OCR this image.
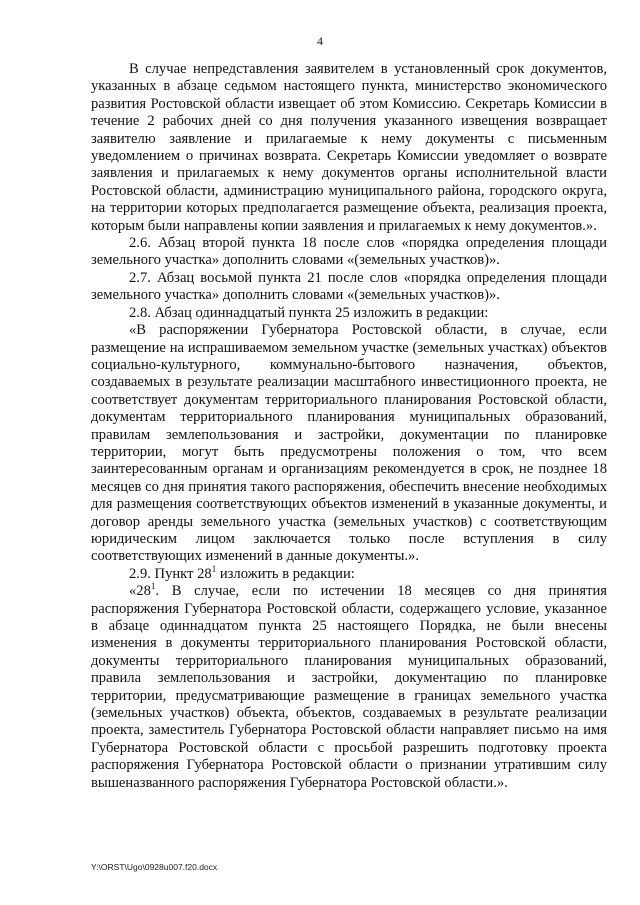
4

В случае непредставления заявителем в установленный срок документов, указанных в абзаце седьмом настоящего пункта, министерство экономического развития Ростовской области извещает об этом Комиссию. Секретарь Комиссии в течение 2 рабочих дней со дня получения указанного извещения возвращает заявителю заявление и прилагаемые к нему документы с письменным уведомлением о причинах возврата. Секретарь Комиссии уведомляет о возврате заявления и прилагаемых к нему документов органы исполнительной власти Ростовской области, администрацию муниципального района, городского округа, на территории которых предполагается размещение объекта, реализация проекта, которым были направлены копии заявления и прилагаемых к нему документов.».

2.6. Абзац второй пункта 18 после слов «порядка определения площади земельного участка» дополнить словами «(земельных участков)».

2.7. Абзац восьмой пункта 21 после слов «порядка определения площади земельного участка» дополнить словами «(земельных участков)».

2.8. Абзац одиннадцатый пункта 25 изложить в редакции:

«В распоряжении Губернатора Ростовской области, в случае, если размещение на испрашиваемом земельном участке (земельных участках) объектов социально-культурного, коммунально-бытового назначения, объектов, создаваемых в результате реализации масштабного инвестиционного проекта, не соответствует документам территориального планирования Ростовской области, документам территориального планирования муниципальных образований, правилам землепользования и застройки, документации по планировке территории, могут быть предусмотрены положения о том, что всем заинтересованным органам и организациям рекомендуется в срок, не позднее 18 месяцев со дня принятия такого распоряжения, обеспечить внесение необходимых для размещения соответствующих объектов изменений в указанные документы, и договор аренды земельного участка (земельных участков) с соответствующим юридическим лицом заключается только после вступления в силу соответствующих изменений в данные документы.».

2.9. Пункт $28^1$ изложить в редакции:

«$28^1$. В случае, если по истечении 18 месяцев со дня принятия распоряжения Губернатора Ростовской области, содержащего условие, указанное в абзаце одиннадцатом пункта 25 настоящего Порядка, не были внесены изменения в документы территориального планирования Ростовской области, документы территориального планирования муниципальных образований, правила землепользования и застройки, документацию по планировке территории, предусматривающие размещение в границах земельного участка (земельных участков) объекта, объектов, создаваемых в результате реализации проекта, заместитель Губернатора Ростовской области направляет письмо на имя Губернатора Ростовской области с просьбой разрешить подготовку проекта распоряжения Губернатора Ростовской области о признании утратившим силу вышеназванного распоряжения Губернатора Ростовской области.».

Y:\ORST\Ugo\0928u007.f20.docx
